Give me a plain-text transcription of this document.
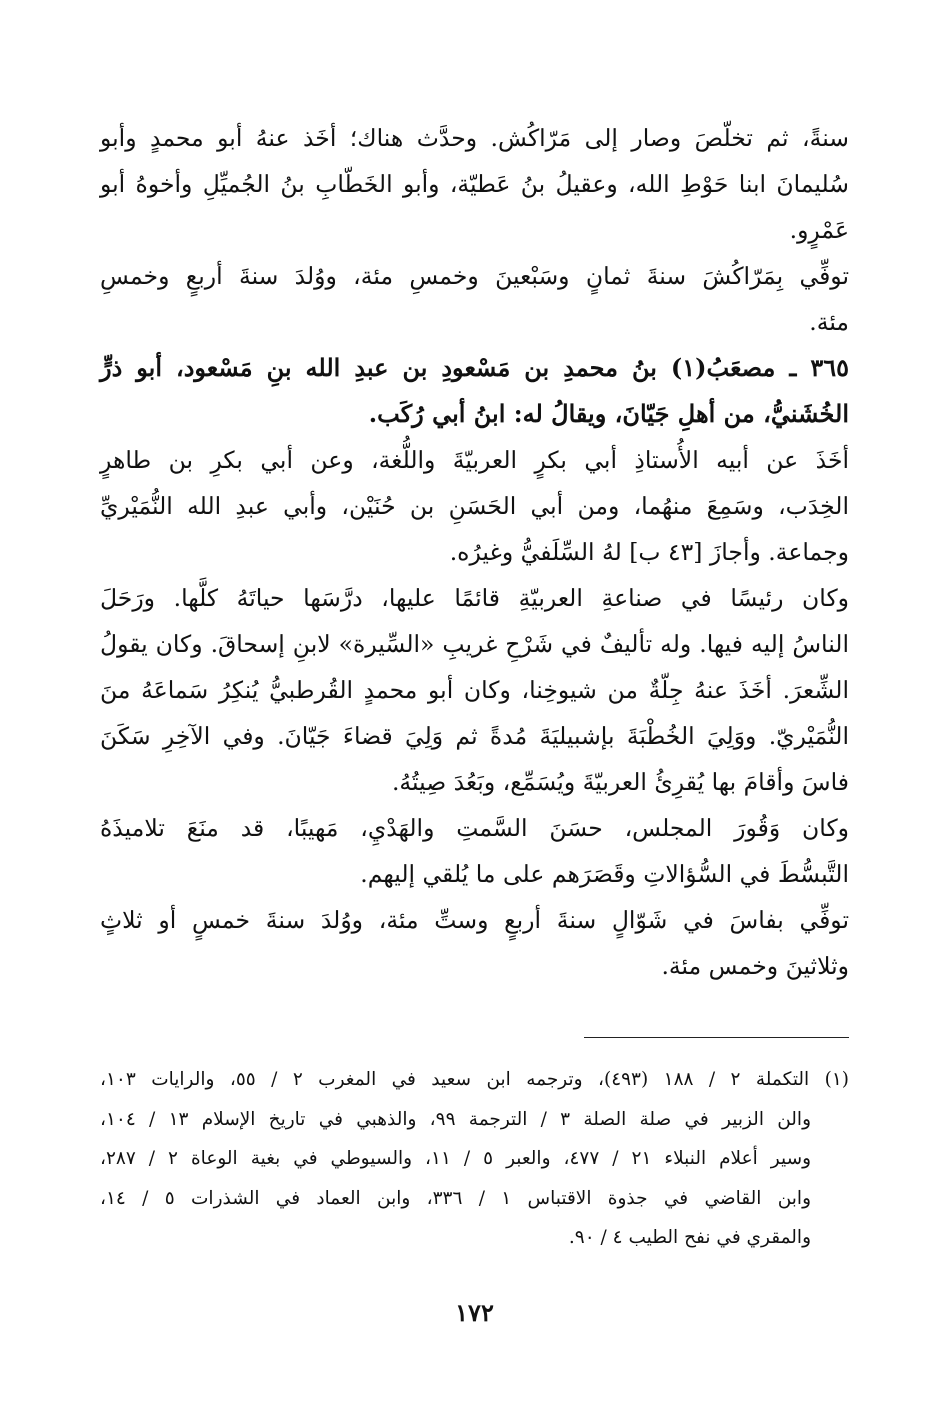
سنةً، ثم تخلّصَ وصار إلى مَرّاكُش. وحدَّث هناك؛ أخَذ عنهُ أبو محمدٍ وأبو
سُليمانَ ابنا حَوْطِ الله، وعقيلُ بنُ عَطيّة، وأبو الخَطّابِ بنُ الجُميِّلِ وأخوهُ أبو
عَمْرٍو.
توفِّي بِمَرّاكُشَ سنةَ ثمانٍ وسَبْعينَ وخمسِ مئة، ووُلدَ سنةَ أربعٍ وخمسِ
مئة.
٣٦٥ ـ مصعَبُ(١) بنُ محمدِ بن مَسْعودِ بن عبدِ الله بنِ مَسْعود، أبو ذرٍّ
الخُشَنيُّ، من أهلِ جَيّانَ، ويقالُ له: ابنُ أبي رُكَب.
أخَذَ عن أبيه الأُستاذِ أبي بكرٍ العربيّةَ واللُّغة، وعن أبي بكرِ بن طاهرٍ
الخِدَب، وسَمِعَ منهُما، ومن أبي الحَسَنِ بن حُنَيْن، وأبي عبدِ الله النُّمَيْريِّ
وجماعة. وأجازَ [٤٣ ب] لهُ السِّلَفيُّ وغيرُه.
وكان رئيسًا في صناعةِ العربيّةِ قائمًا عليها، درَّسَها حياتَهُ كلَّها. ورَحَلَ
الناسُ إليه فيها. وله تأليفٌ في شَرْحِ غريبِ «السِّيرة» لابنِ إسحاقَ. وكان يقولُ
الشِّعرَ. أخَذَ عنهُ جِلّةٌ من شيوخِنا، وكان أبو محمدٍ القُرطبيُّ يُنكِرُ سَماعَهُ منَ
النُّمَيْريّ. ووَلِيَ الخُطْبَةَ بإشبيليَةَ مُدةً ثم وَلِيَ قضاءَ جَيّانَ. وفي الآخِرِ سَكَنَ
فاسَ وأقامَ بها يُقرِئُ العربيّةَ ويُسَمِّع، وبَعُدَ صِيتُهُ.
وكان وَقُورَ المجلس، حسَنَ السَّمتِ والهَدْيِ، مَهيبًا، قد منَعَ تلاميذَهُ
التَّبسُّطَ في السُّؤالاتِ وقَصَرَهم على ما يُلقي إليهم.
توفِّي بفاسَ في شَوّالٍ سنةَ أربعٍ وستِّ مئة، ووُلدَ سنةَ خمسٍ أو ثلاثٍ
وثلاثينَ وخمس مئة.
(١) التكملة ٢ / ١٨٨ (٤٩٣)، وترجمه ابن سعيد في المغرب ٢ / ٥٥، والرايات ١٠٣،
والن الزبير في صلة الصلة ٣ / الترجمة ٩٩، والذهبي في تاريخ الإسلام ١٣ / ١٠٤،
وسير أعلام النبلاء ٢١ / ٤٧٧، والعبر ٥ / ١١، والسيوطي في بغية الوعاة ٢ / ٢٨٧،
وابن القاضي في جذوة الاقتباس ١ / ٣٣٦، وابن العماد في الشذرات ٥ / ١٤،
والمقري في نفح الطيب ٤ / ٩٠.
١٧٢
